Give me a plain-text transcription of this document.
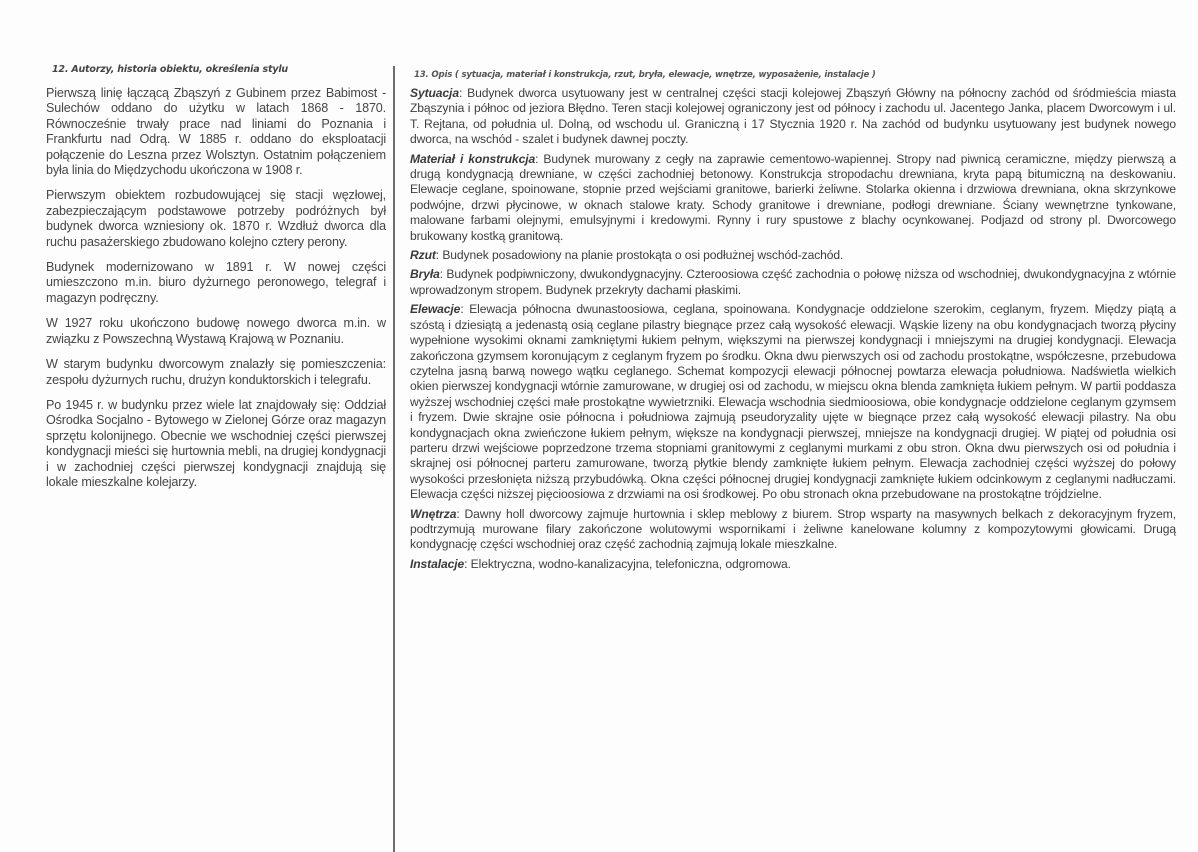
12. Autorzy, historia obiektu, określenia stylu

Pierwszą linię łączącą Zbąszyń z Gubinem przez Babimost - Sulechów oddano do użytku w latach 1868 - 1870. Równocześnie trwały prace nad liniami do Poznania i Frankfurtu nad Odrą. W 1885 r. oddano do eksploatacji połączenie do Leszna przez Wolsztyn. Ostatnim połączeniem była linia do Międzychodu ukończona w 1908 r.

Pierwszym obiektem rozbudowującej się stacji węzłowej, zabezpieczającym podstawowe potrzeby podróżnych był budynek dworca wzniesiony ok. 1870 r. Wzdłuż dworca dla ruchu pasażerskiego zbudowano kolejno cztery perony.

Budynek modernizowano w 1891 r. W nowej części umieszczono m.in. biuro dyżurnego peronowego, telegraf i magazyn podręczny.

W 1927 roku ukończono budowę nowego dworca m.in. w związku z Powszechną Wystawą Krajową w Poznaniu.

W starym budynku dworcowym znalazły się pomieszczenia: zespołu dyżurnych ruchu, drużyn konduktorskich i telegrafu.

Po 1945 r. w budynku przez wiele lat znajdowały się: Oddział Ośrodka Socjalno - Bytowego w Zielonej Górze oraz magazyn sprzętu kolonijnego. Obecnie we wschodniej części pierwszej kondygnacji mieści się hurtownia mebli, na drugiej kondygnacji i w zachodniej części pierwszej kondygnacji znajdują się lokale mieszkalne kolejarzy.

13. Opis ( sytuacja, materiał i konstrukcja, rzut, bryła, elewacje, wnętrze, wyposażenie, instalacje )

Sytuacja: Budynek dworca usytuowany jest w centralnej części stacji kolejowej Zbąszyń Główny na północny zachód od śródmieścia miasta Zbąszynia i północ od jeziora Błędno. Teren stacji kolejowej ograniczony jest od północy i zachodu ul. Jacentego Janka, placem Dworcowym i ul. T. Rejtana, od południa ul. Dolną, od wschodu ul. Graniczną i 17 Stycznia 1920 r. Na zachód od budynku usytuowany jest budynek nowego dworca, na wschód - szalet i budynek dawnej poczty.

Materiał i konstrukcja: Budynek murowany z cegły na zaprawie cementowo-wapiennej. Stropy nad piwnicą ceramiczne, między pierwszą a drugą kondygnacją drewniane, w części zachodniej betonowy. Konstrukcja stropodachu drewniana, kryta papą bitumiczną na deskowaniu. Elewacje ceglane, spoinowane, stopnie przed wejściami granitowe, barierki żeliwne. Stolarka okienna i drzwiowa drewniana, okna skrzynkowe podwójne, drzwi płycinowe, w oknach stalowe kraty. Schody granitowe i drewniane, podłogi drewniane. Ściany wewnętrzne tynkowane, malowane farbami olejnymi, emulsyjnymi i kredowymi. Rynny i rury spustowe z blachy ocynkowanej. Podjazd od strony pl. Dworcowego brukowany kostką granitową.

Rzut: Budynek posadowiony na planie prostokąta o osi podłużnej wschód-zachód.

Bryła: Budynek podpiwniczony, dwukondygnacyjny. Czteroosiowa część zachodnia o połowę niższa od wschodniej, dwukondygnacyjna z wtórnie wprowadzonym stropem. Budynek przekryty dachami płaskimi.

Elewacje: Elewacja północna dwunastoosiowa, ceglana, spoinowana. Kondygnacje oddzielone szerokim, ceglanym, fryzem. Między piątą a szóstą i dziesiątą a jedenastą osią ceglane pilastry biegnące przez całą wysokość elewacji. Wąskie lizeny na obu kondygnacjach tworzą płyciny wypełnione wysokimi oknami zamkniętymi łukiem pełnym, większymi na pierwszej kondygnacji i mniejszymi na drugiej kondygnacji. Elewacja zakończona gzymsem koronującym z ceglanym fryzem po środku. Okna dwu pierwszych osi od zachodu prostokątne, współczesne, przebudowa czytelna jasną barwą nowego wątku ceglanego. Schemat kompozycji elewacji północnej powtarza elewacja południowa. Nadświetla wielkich okien pierwszej kondygnacji wtórnie zamurowane, w drugiej osi od zachodu, w miejscu okna blenda zamknięta łukiem pełnym. W partii poddasza wyższej wschodniej części małe prostokątne wywietrzniki. Elewacja wschodnia siedmioosiowa, obie kondygnacje oddzielone ceglanym gzymsem i fryzem. Dwie skrajne osie północna i południowa zajmują pseudoryzality ujęte w biegnące przez całą wysokość elewacji pilastry. Na obu kondygnacjach okna zwieńczone łukiem pełnym, większe na kondygnacji pierwszej, mniejsze na kondygnacji drugiej. W piątej od południa osi parteru drzwi wejściowe poprzedzone trzema stopniami granitowymi z ceglanymi murkami z obu stron. Okna dwu pierwszych osi od południa i skrajnej osi północnej parteru zamurowane, tworzą płytkie blendy zamknięte łukiem pełnym. Elewacja zachodniej części wyższej do połowy wysokości przesłonięta niższą przybudówką. Okna części północnej drugiej kondygnacji zamknięte łukiem odcinkowym z ceglanymi nadłuczami. Elewacja części niższej pięcioosiowa z drzwiami na osi środkowej. Po obu stronach okna przebudowane na prostokątne trójdzielne.

Wnętrza: Dawny holl dworcowy zajmuje hurtownia i sklep meblowy z biurem. Strop wsparty na masywnych belkach z dekoracyjnym fryzem, podtrzymują murowane filary zakończone wolutowymi wspornikami i żeliwne kanelowane kolumny z kompozytowymi głowicami. Drugą kondygnację części wschodniej oraz część zachodnią zajmują lokale mieszkalne.

Instalacje: Elektryczna, wodno-kanalizacyjna, telefoniczna, odgromowa.
